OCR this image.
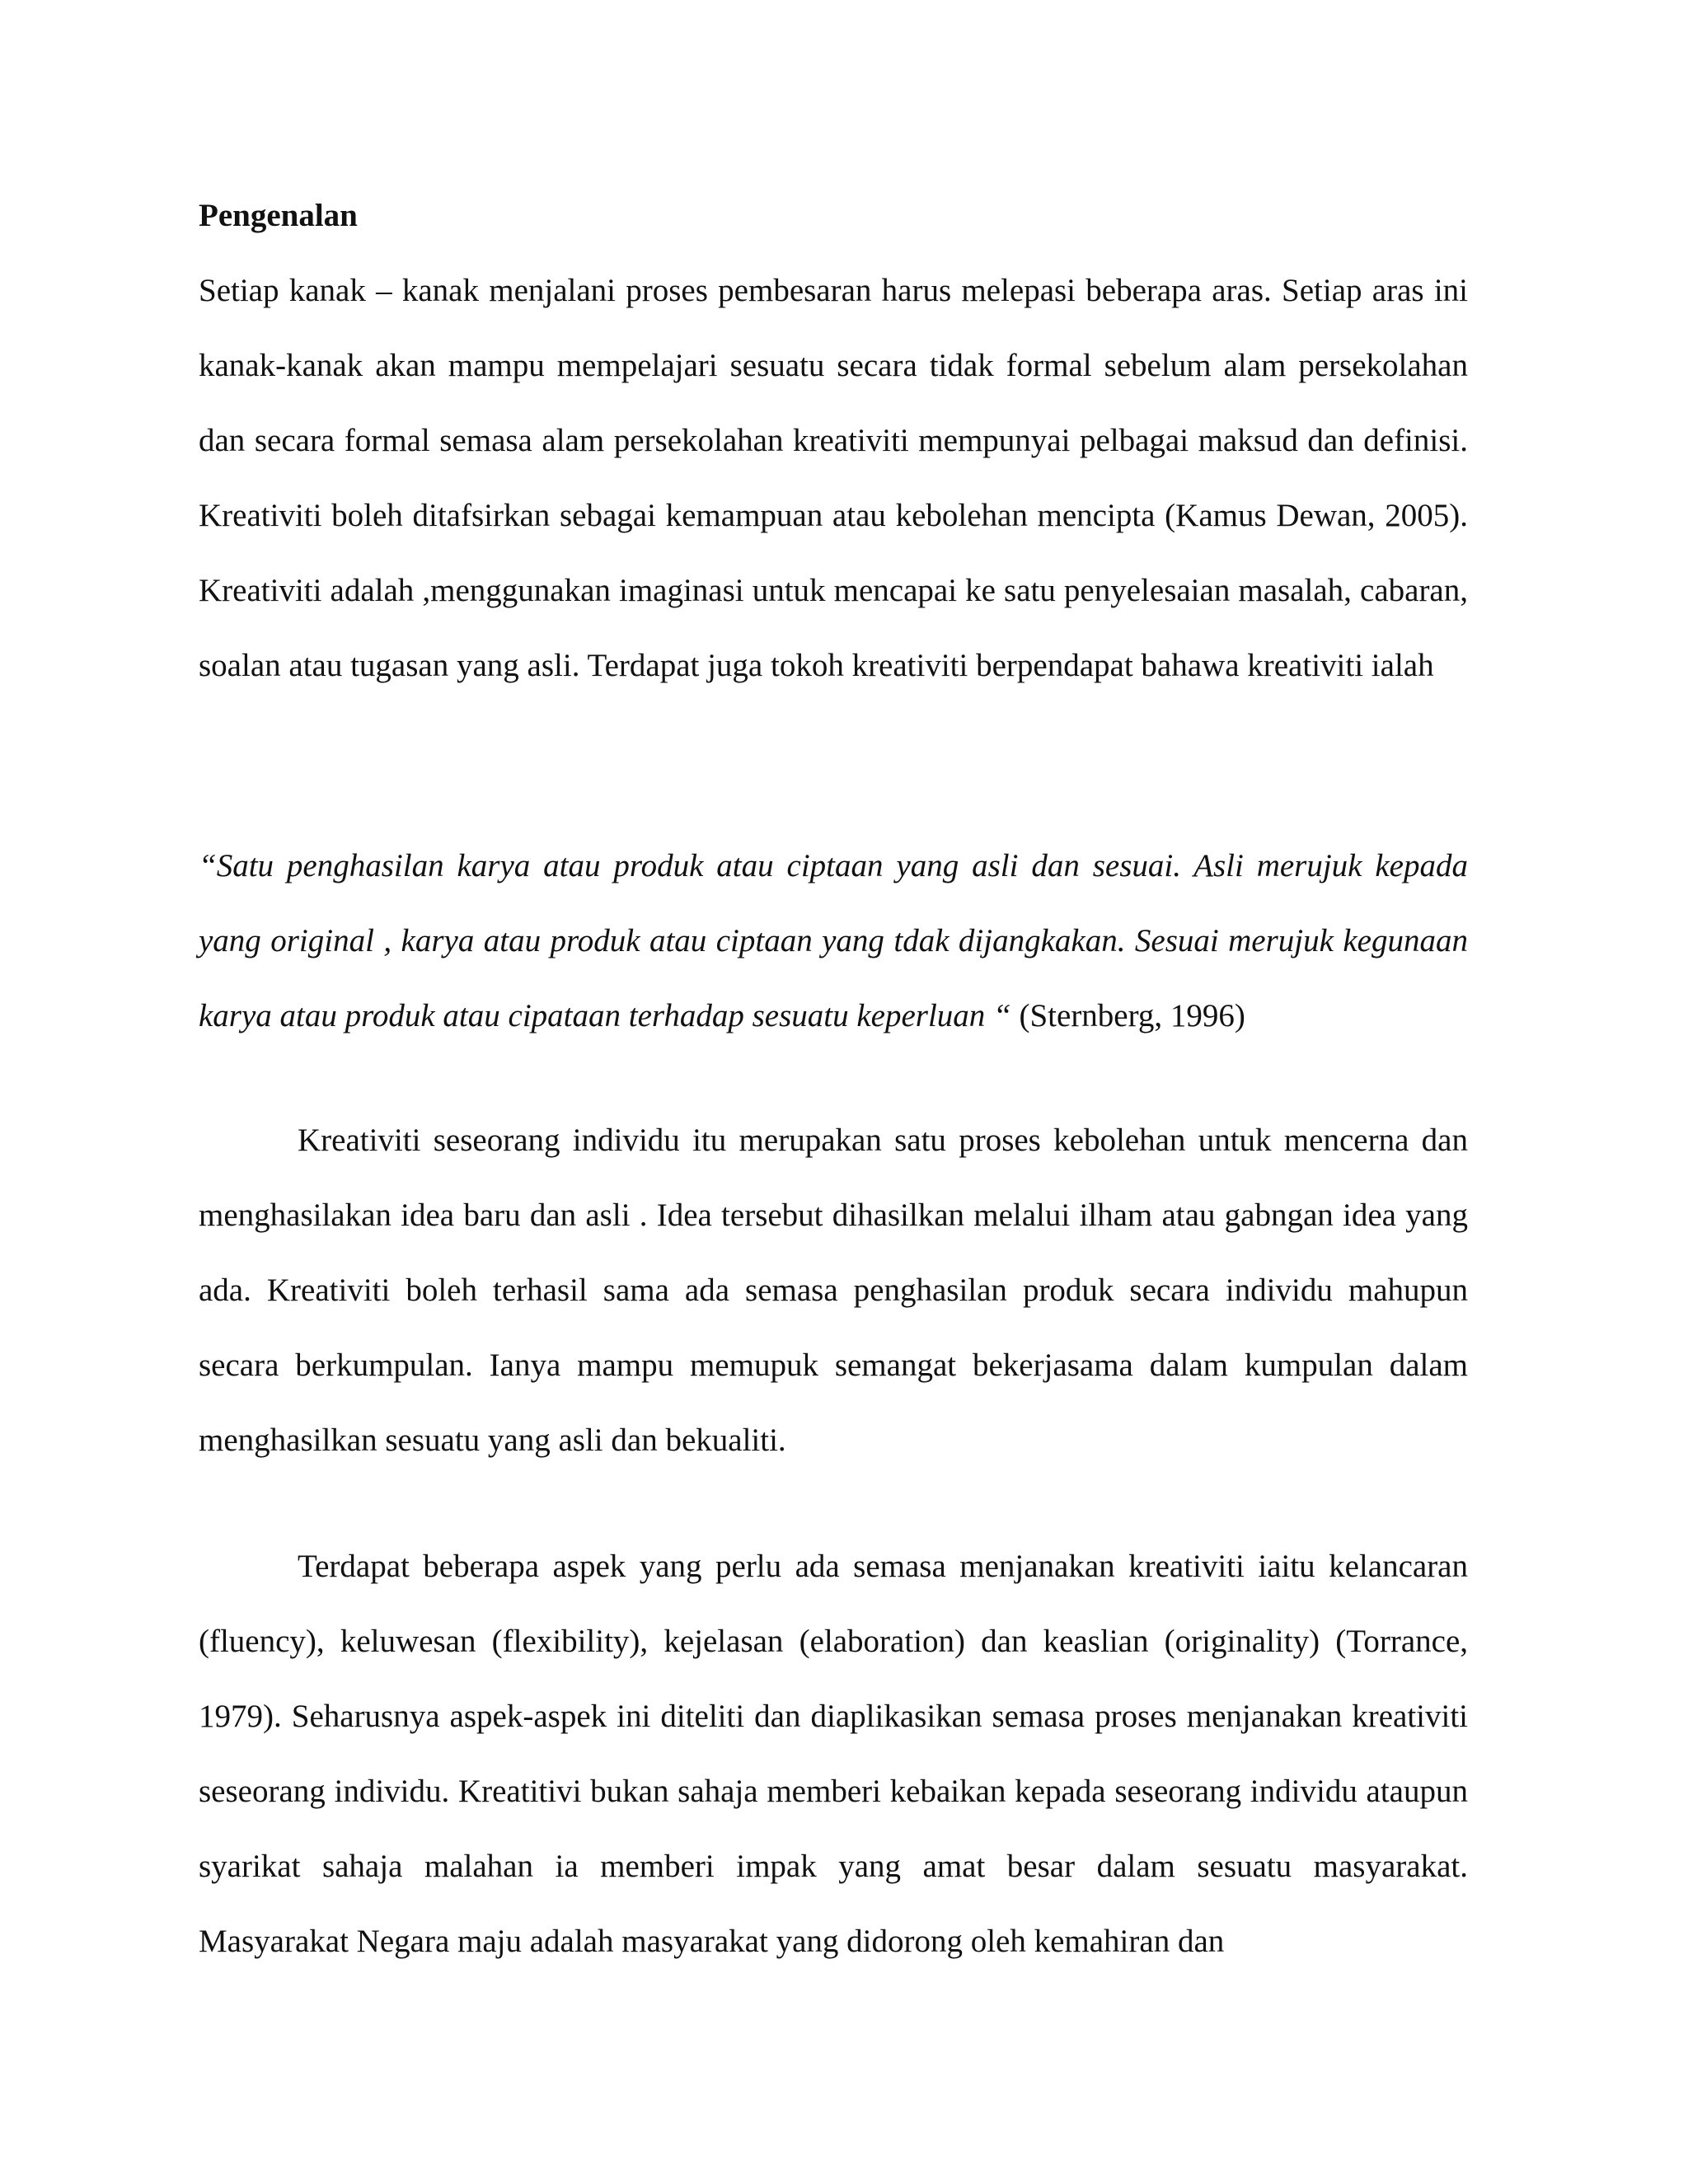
Pengenalan

Setiap kanak – kanak menjalani proses pembesaran harus melepasi beberapa aras. Setiap aras ini kanak-kanak akan mampu mempelajari sesuatu secara tidak formal sebelum alam persekolahan dan secara formal semasa alam persekolahan kreativiti mempunyai pelbagai maksud dan definisi. Kreativiti boleh ditafsirkan sebagai kemampuan atau kebolehan mencipta (Kamus Dewan, 2005). Kreativiti adalah ,menggunakan imaginasi untuk mencapai ke satu penyelesaian masalah, cabaran, soalan atau tugasan yang asli. Terdapat juga tokoh kreativiti berpendapat bahawa kreativiti ialah

“Satu penghasilan karya atau produk atau ciptaan yang asli dan sesuai. Asli merujuk kepada yang original , karya atau produk atau ciptaan yang tdak dijangkakan. Sesuai merujuk kegunaan karya atau produk atau cipataan terhadap sesuatu keperluan “ (Sternberg, 1996)

Kreativiti seseorang individu itu merupakan satu proses kebolehan untuk mencerna dan menghasilakan idea baru dan asli . Idea tersebut dihasilkan melalui ilham atau gabngan idea yang ada. Kreativiti boleh terhasil sama ada semasa penghasilan produk secara individu mahupun secara berkumpulan. Ianya mampu memupuk semangat bekerjasama dalam kumpulan dalam menghasilkan sesuatu yang asli dan bekualiti.

Terdapat beberapa aspek yang perlu ada semasa menjanakan kreativiti iaitu kelancaran (fluency), keluwesan (flexibility), kejelasan (elaboration) dan keaslian (originality) (Torrance, 1979). Seharusnya aspek-aspek ini diteliti dan diaplikasikan semasa proses menjanakan kreativiti seseorang individu. Kreatitivi bukan sahaja memberi kebaikan kepada seseorang individu ataupun syarikat sahaja malahan ia memberi impak yang amat besar dalam sesuatu masyarakat. Masyarakat Negara maju adalah masyarakat yang didorong oleh kemahiran dan
